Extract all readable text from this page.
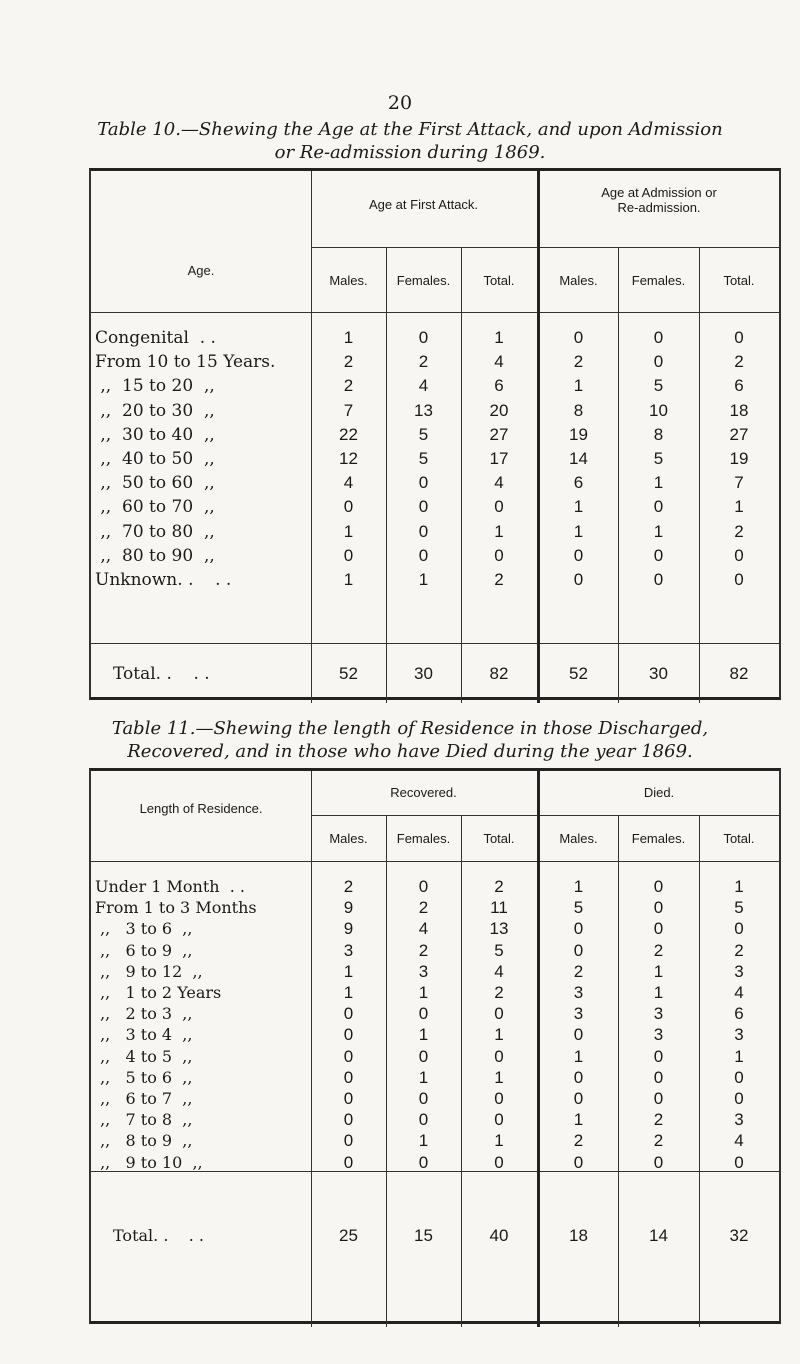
20
Table 10.—Shewing the Age at the First Attack, and upon Admission
or Re-admission during 1869.
Age.
Age at First Attack.
Age at Admission or
Re-admission.
Males.	Females.	Total.	Males.	Females.	Total.
Congenital  . .	1	0	1	0	0	0
From 10 to 15 Years.	2	2	4	2	0	2
,,  15 to 20  ,,	2	4	6	1	5	6
,,  20 to 30  ,,	7	13	20	8	10	18
,,  30 to 40  ,,	22	5	27	19	8	27
,,  40 to 50  ,,	12	5	17	14	5	19
,,  50 to 60  ,,	4	0	4	6	1	7
,,  60 to 70  ,,	0	0	0	1	0	1
,,  70 to 80  ,,	1	0	1	1	1	2
,,  80 to 90  ,,	0	0	0	0	0	0
Unknown. .    . .	1	1	2	0	0	0
Total. .    . .	52	30	82	52	30	82
Table 11.—Shewing the length of Residence in those Discharged,
Recovered, and in those who have Died during the year 1869.
Length of Residence.
Recovered.	Died.
Males.	Females.	Total.	Males.	Females.	Total.
Under 1 Month  . .	2	0	2	1	0	1
From 1 to 3 Months	9	2	11	5	0	5
,,   3 to 6  ,,	9	4	13	0	0	0
,,   6 to 9  ,,	3	2	5	0	2	2
,,   9 to 12  ,,	1	3	4	2	1	3
,,   1 to 2 Years	1	1	2	3	1	4
,,   2 to 3  ,,	0	0	0	3	3	6
,,   3 to 4  ,,	0	1	1	0	3	3
,,   4 to 5  ,,	0	0	0	1	0	1
,,   5 to 6  ,,	0	1	1	0	0	0
,,   6 to 7  ,,	0	0	0	0	0	0
,,   7 to 8  ,,	0	0	0	1	2	3
,,   8 to 9  ,,	0	1	1	2	2	4
,,   9 to 10  ,,	0	0	0	0	0	0
Total. .    . .	25	15	40	18	14	32
